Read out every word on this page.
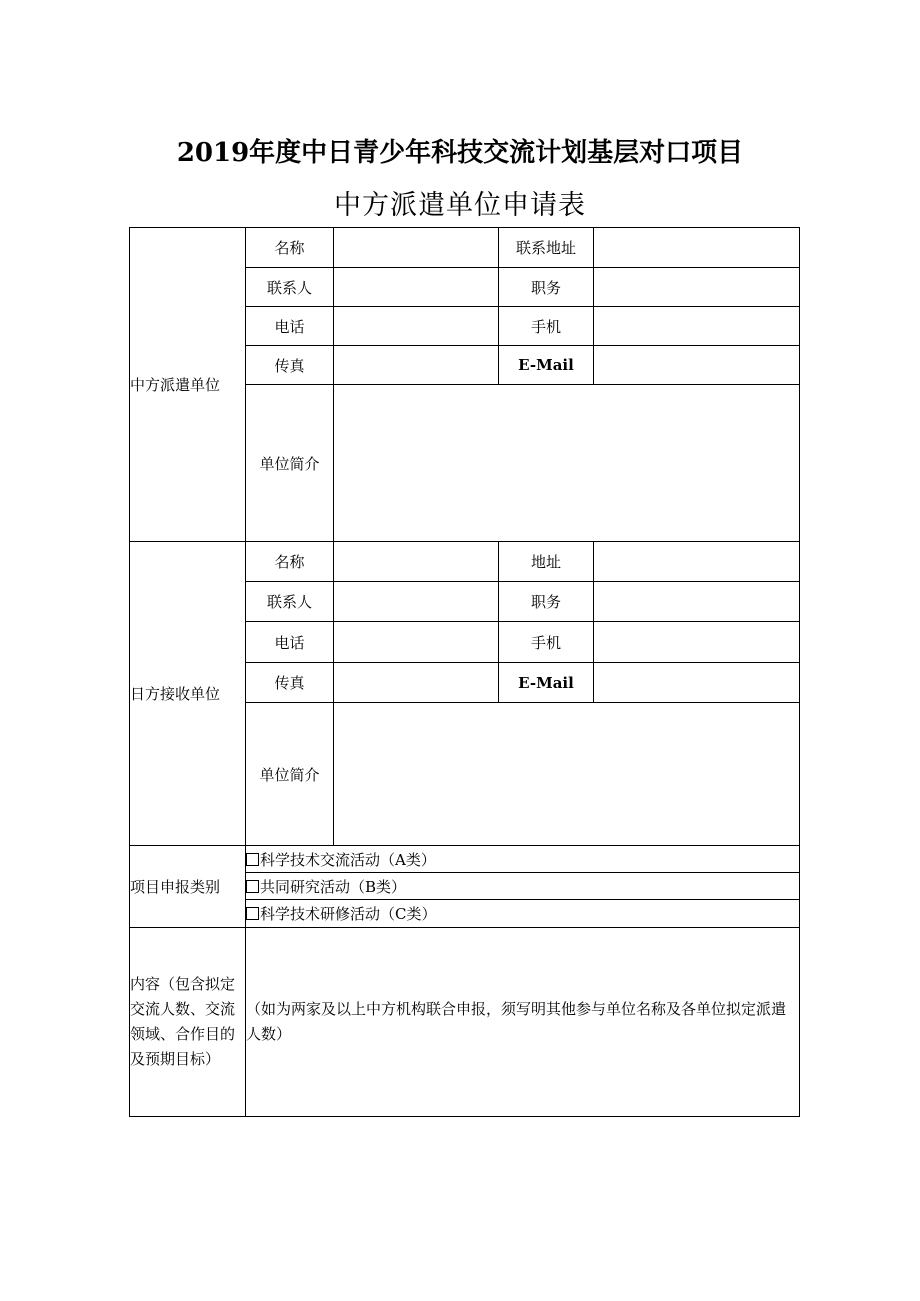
2019年度中日青少年科技交流计划基层对口项目
中方派遣单位申请表
中方派遣单位	名称		联系地址	
	联系人		职务	
	电话		手机	
	传真		E-Mail	
	单位简介			
日方接收单位	名称		地址	
	联系人		职务	
	电话		手机	
	传真		E-Mail	
	单位简介			
项目申报类别	科学技术交流活动（A类）			
	共同研究活动（B类）			
	科学技术研修活动（C类）			
内容（包含拟定交流人数、交流领域、合作目的及预期目标）	（如为两家及以上中方机构联合申报，须写明其他参与单位名称及各单位拟定派遣人数）			
